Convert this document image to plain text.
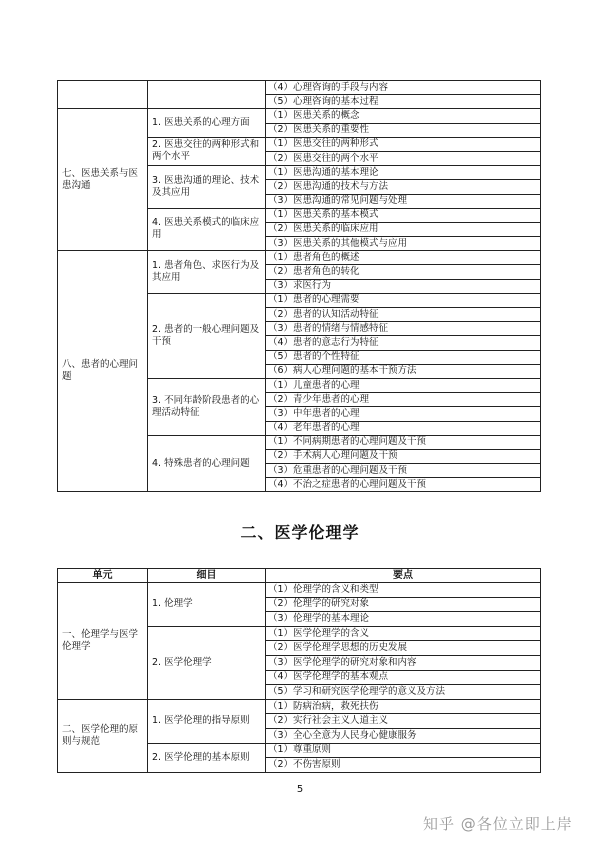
		（4）心理咨询的手段与内容
		（5）心理咨询的基本过程
七、医患关系与医患沟通	1. 医患关系的心理方面	（1）医患关系的概念
		（2）医患关系的重要性
	2. 医患交往的两种形式和两个水平	（1）医患交往的两种形式
		（2）医患交往的两个水平
	3. 医患沟通的理论、技术及其应用	（1）医患沟通的基本理论
		（2）医患沟通的技术与方法
		（3）医患沟通的常见问题与处理
	4. 医患关系模式的临床应用	（1）医患关系的基本模式
		（2）医患关系的临床应用
		（3）医患关系的其他模式与应用
八、患者的心理问题	1. 患者角色、求医行为及其应用	（1）患者角色的概述
		（2）患者角色的转化
		（3）求医行为
	2. 患者的一般心理问题及干预	（1）患者的心理需要
		（2）患者的认知活动特征
		（3）患者的情绪与情感特征
		（4）患者的意志行为特征
		（5）患者的个性特征
		（6）病人心理问题的基本干预方法
	3. 不同年龄阶段患者的心理活动特征	（1）儿童患者的心理
		（2）青少年患者的心理
		（3）中年患者的心理
		（4）老年患者的心理
	4. 特殊患者的心理问题	（1）不同病期患者的心理问题及干预
		（2）手术病人心理问题及干预
		（3）危重患者的心理问题及干预
		（4）不治之症患者的心理问题及干预
二、医学伦理学
单元	细目	要点
一、伦理学与医学伦理学	1. 伦理学	（1）伦理学的含义和类型
		（2）伦理学的研究对象
		（3）伦理学的基本理论
	2. 医学伦理学	（1）医学伦理学的含义
		（2）医学伦理学思想的历史发展
		（3）医学伦理学的研究对象和内容
		（4）医学伦理学的基本观点
		（5）学习和研究医学伦理学的意义及方法
二、医学伦理的原则与规范	1. 医学伦理的指导原则	（1）防病治病，救死扶伤
		（2）实行社会主义人道主义
		（3）全心全意为人民身心健康服务
	2. 医学伦理的基本原则	（1）尊重原则
		（2）不伤害原则
5
知乎 @各位立即上岸
